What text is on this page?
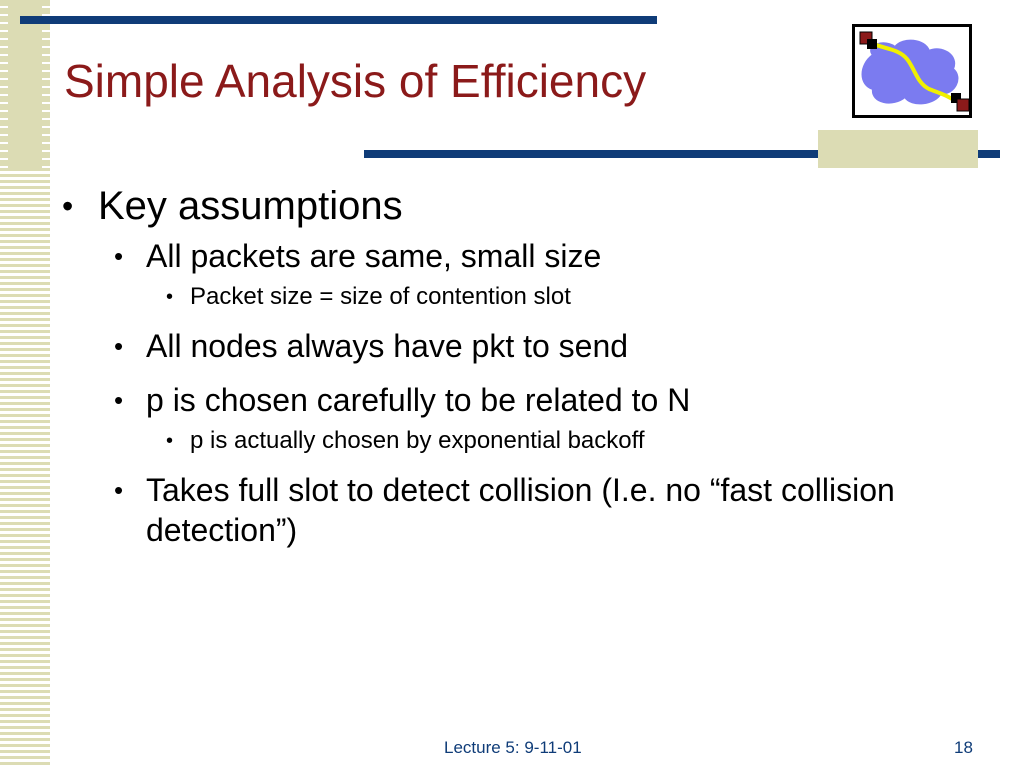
Simple Analysis of Efficiency
• Key assumptions
• All packets are same, small size
• Packet size = size of contention slot
• All nodes always have pkt to send
• p is chosen carefully to be related to N
• p is actually chosen by exponential backoff
• Takes full slot to detect collision (I.e. no “fast collision detection”)
Lecture 5: 9-11-01	18
